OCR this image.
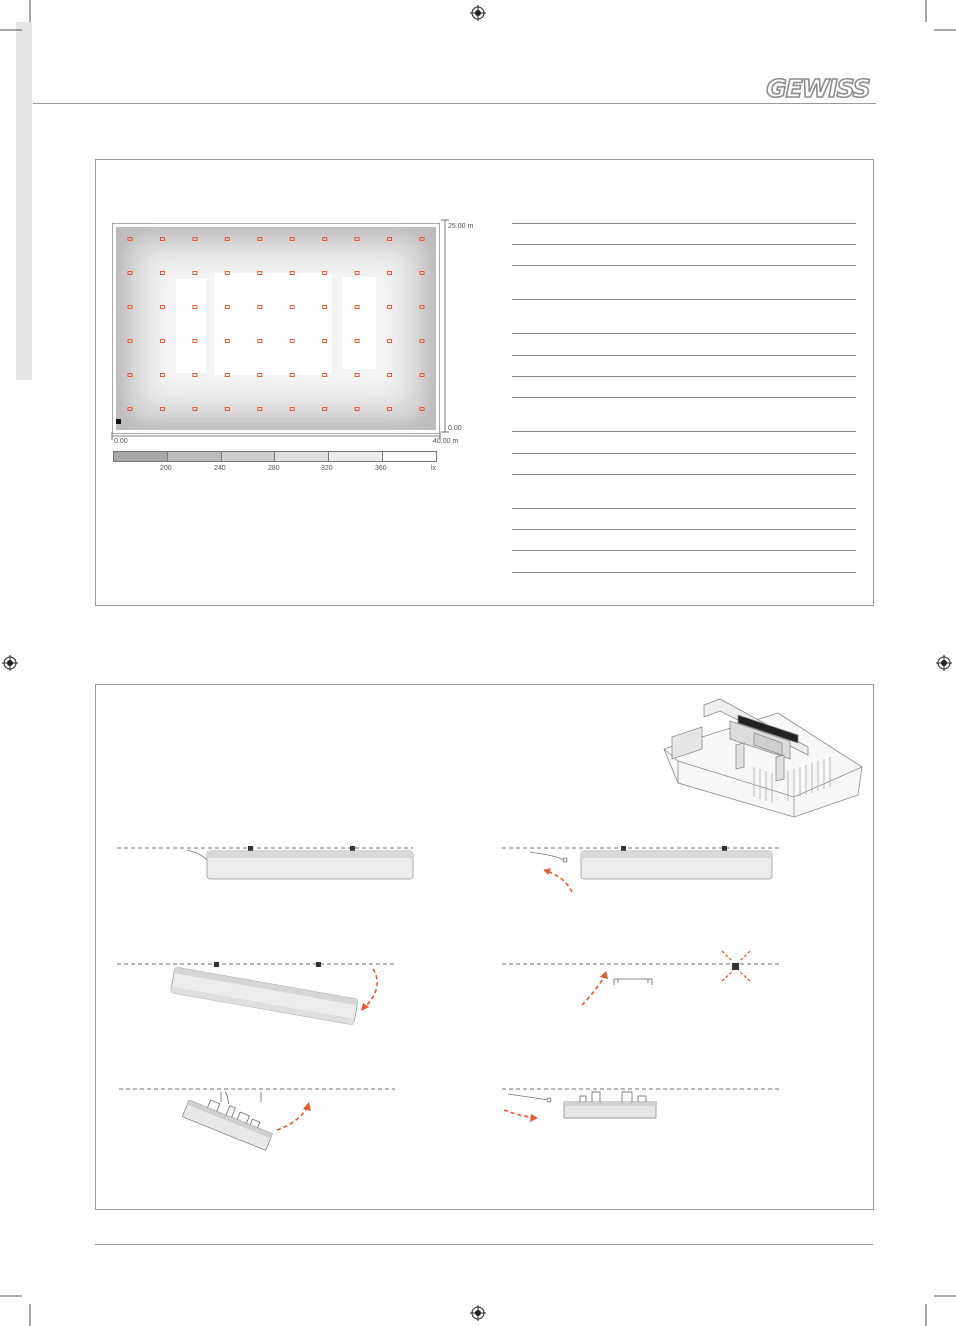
GEWISS
25.00 m
0.00
0.00	40.00 m
200	240	280	320	360	lx
